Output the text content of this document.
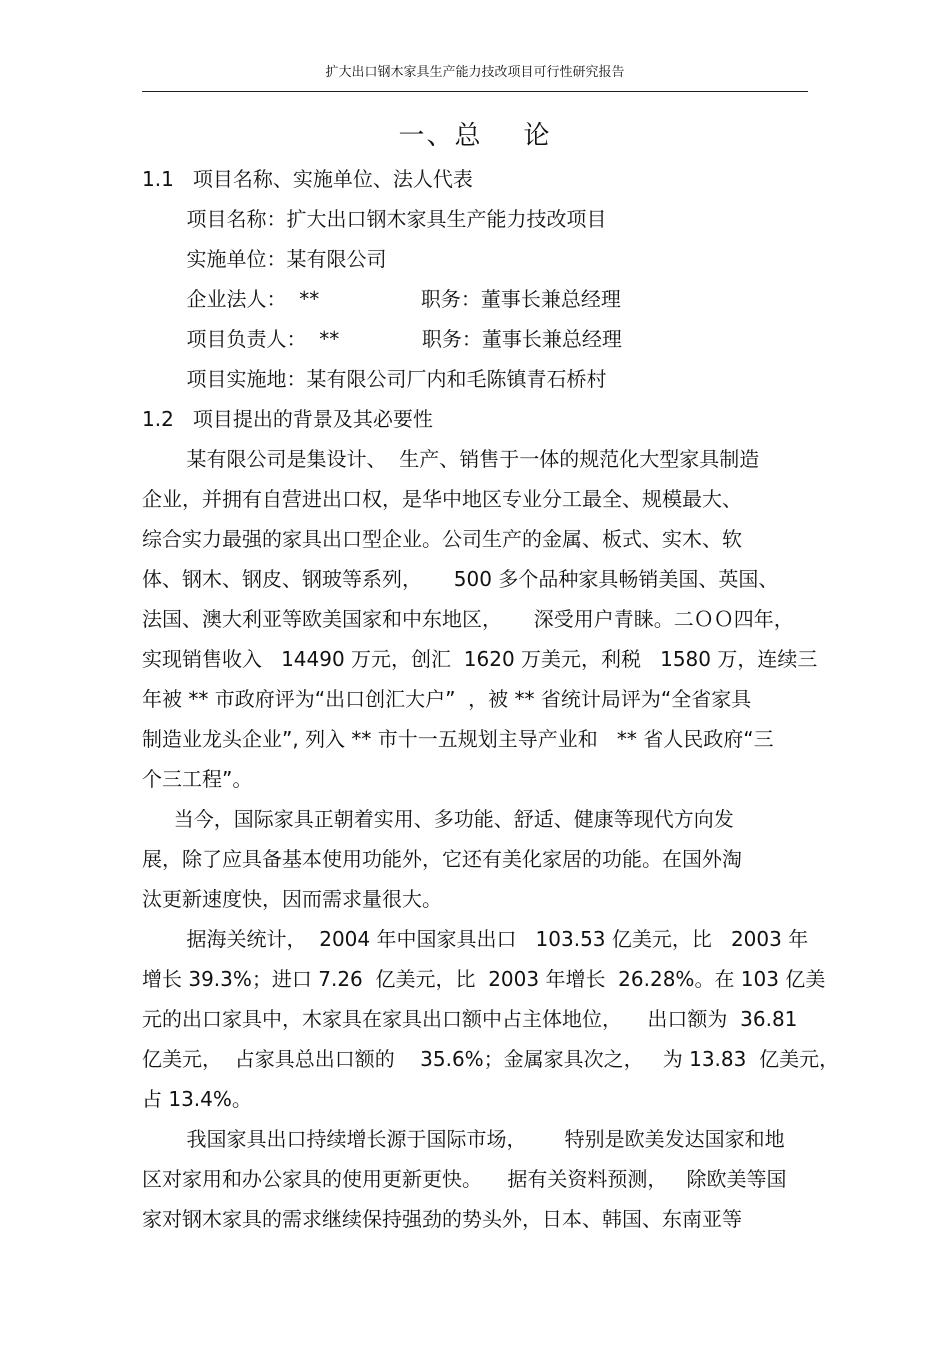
扩大出口钢木家具生产能力技改项目可行性研究报告
一、总    论
1.1   项目名称、实施单位、法人代表
项目名称：扩大出口钢木家具生产能力技改项目
实施单位：某有限公司
企业法人：  **                职务：董事长兼总经理
项目负责人：  **             职务：董事长兼总经理
项目实施地：某有限公司厂内和毛陈镇青石桥村
1.2   项目提出的背景及其必要性
某有限公司是集设计、  生产、销售于一体的规范化大型家具制造
企业，并拥有自营进出口权，是华中地区专业分工最全、规模最大、
综合实力最强的家具出口型企业。公司生产的金属、板式、实木、软
体、钢木、钢皮、钢玻等系列，     500 多个品种家具畅销美国、英国、
法国、澳大利亚等欧美国家和中东地区，     深受用户青睐。二ＯＯ四年，
实现销售收入   14490 万元，创汇  1620 万美元，利税   1580 万，连续三
年被 ** 市政府评为“出口创汇大户”  ，被 ** 省统计局评为“全省家具
制造业龙头企业”, 列入 ** 市十一五规划主导产业和   ** 省人民政府“三
个三工程”。
当今，国际家具正朝着实用、多功能、舒适、健康等现代方向发
展，除了应具备基本使用功能外，它还有美化家居的功能。在国外淘
汰更新速度快，因而需求量很大。
据海关统计，  2004 年中国家具出口   103.53 亿美元，比   2003 年
增长 39.3%；进口 7.26  亿美元，比  2003 年增长  26.28%。在 103 亿美
元的出口家具中，木家具在家具出口额中占主体地位，    出口额为  36.81
亿美元，  占家具总出口额的    35.6%；金属家具次之，   为 13.83  亿美元，
占 13.4%。
我国家具出口持续增长源于国际市场，      特别是欧美发达国家和地
区对家用和办公家具的使用更新更快。    据有关资料预测，   除欧美等国
家对钢木家具的需求继续保持强劲的势头外，日本、韩国、东南亚等
